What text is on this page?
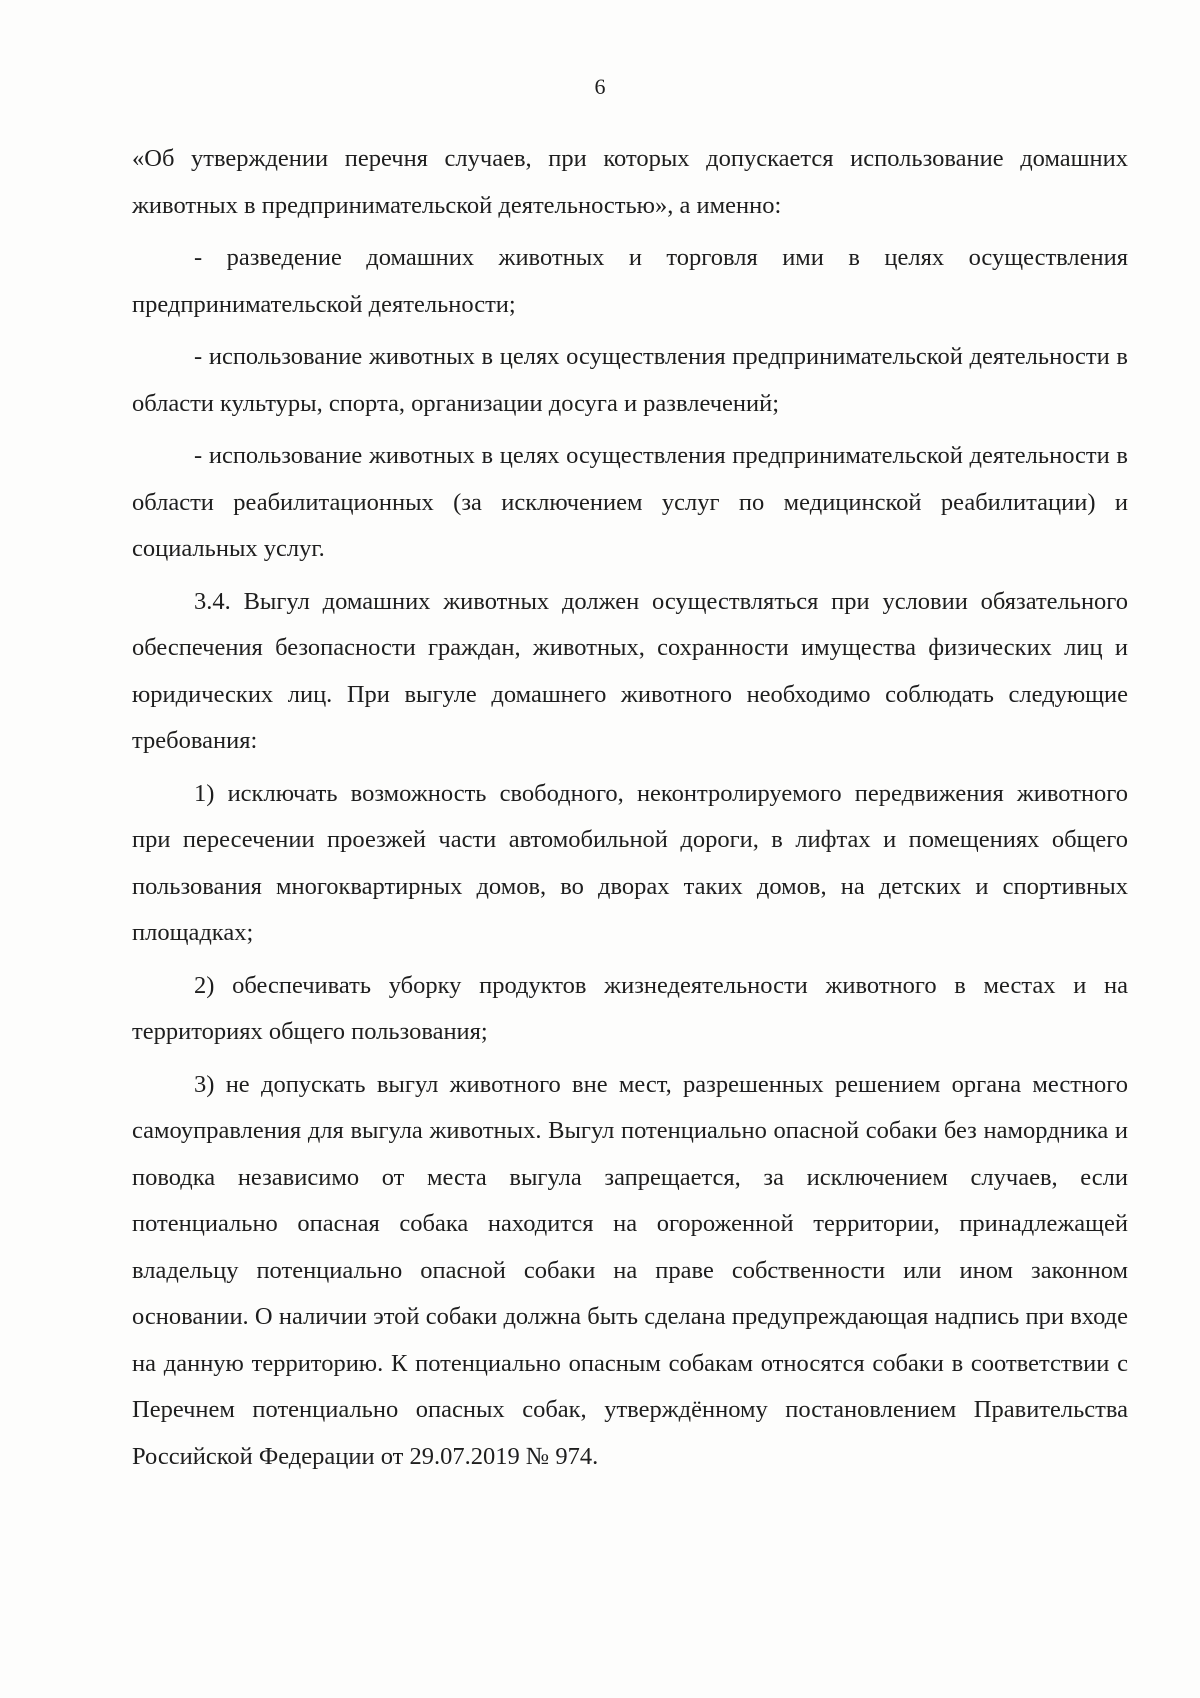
6

«Об утверждении перечня случаев, при которых допускается использование домашних животных в предпринимательской деятельностью», а именно:

- разведение домашних животных и торговля ими в целях осуществления предпринимательской деятельности;

- использование животных в целях осуществления предпринимательской деятельности в области культуры, спорта, организации досуга и развлечений;

- использование животных в целях осуществления предпринимательской деятельности в области реабилитационных (за исключением услуг по медицинской реабилитации) и социальных услуг.

3.4. Выгул домашних животных должен осуществляться при условии обязательного обеспечения безопасности граждан, животных, сохранности имущества физических лиц и юридических лиц. При выгуле домашнего животного необходимо соблюдать следующие требования:

1) исключать возможность свободного, неконтролируемого передвижения животного при пересечении проезжей части автомобильной дороги, в лифтах и помещениях общего пользования многоквартирных домов, во дворах таких домов, на детских и спортивных площадках;

2) обеспечивать уборку продуктов жизнедеятельности животного в местах и на территориях общего пользования;

3) не допускать выгул животного вне мест, разрешенных решением органа местного самоуправления для выгула животных. Выгул потенциально опасной собаки без намордника и поводка независимо от места выгула запрещается, за исключением случаев, если потенциально опасная собака находится на огороженной территории, принадлежащей владельцу потенциально опасной собаки на праве собственности или ином законном основании. О наличии этой собаки должна быть сделана предупреждающая надпись при входе на данную территорию. К потенциально опасным собакам относятся собаки в соответствии с Перечнем потенциально опасных собак, утверждённому постановлением Правительства Российской Федерации от 29.07.2019 № 974.
